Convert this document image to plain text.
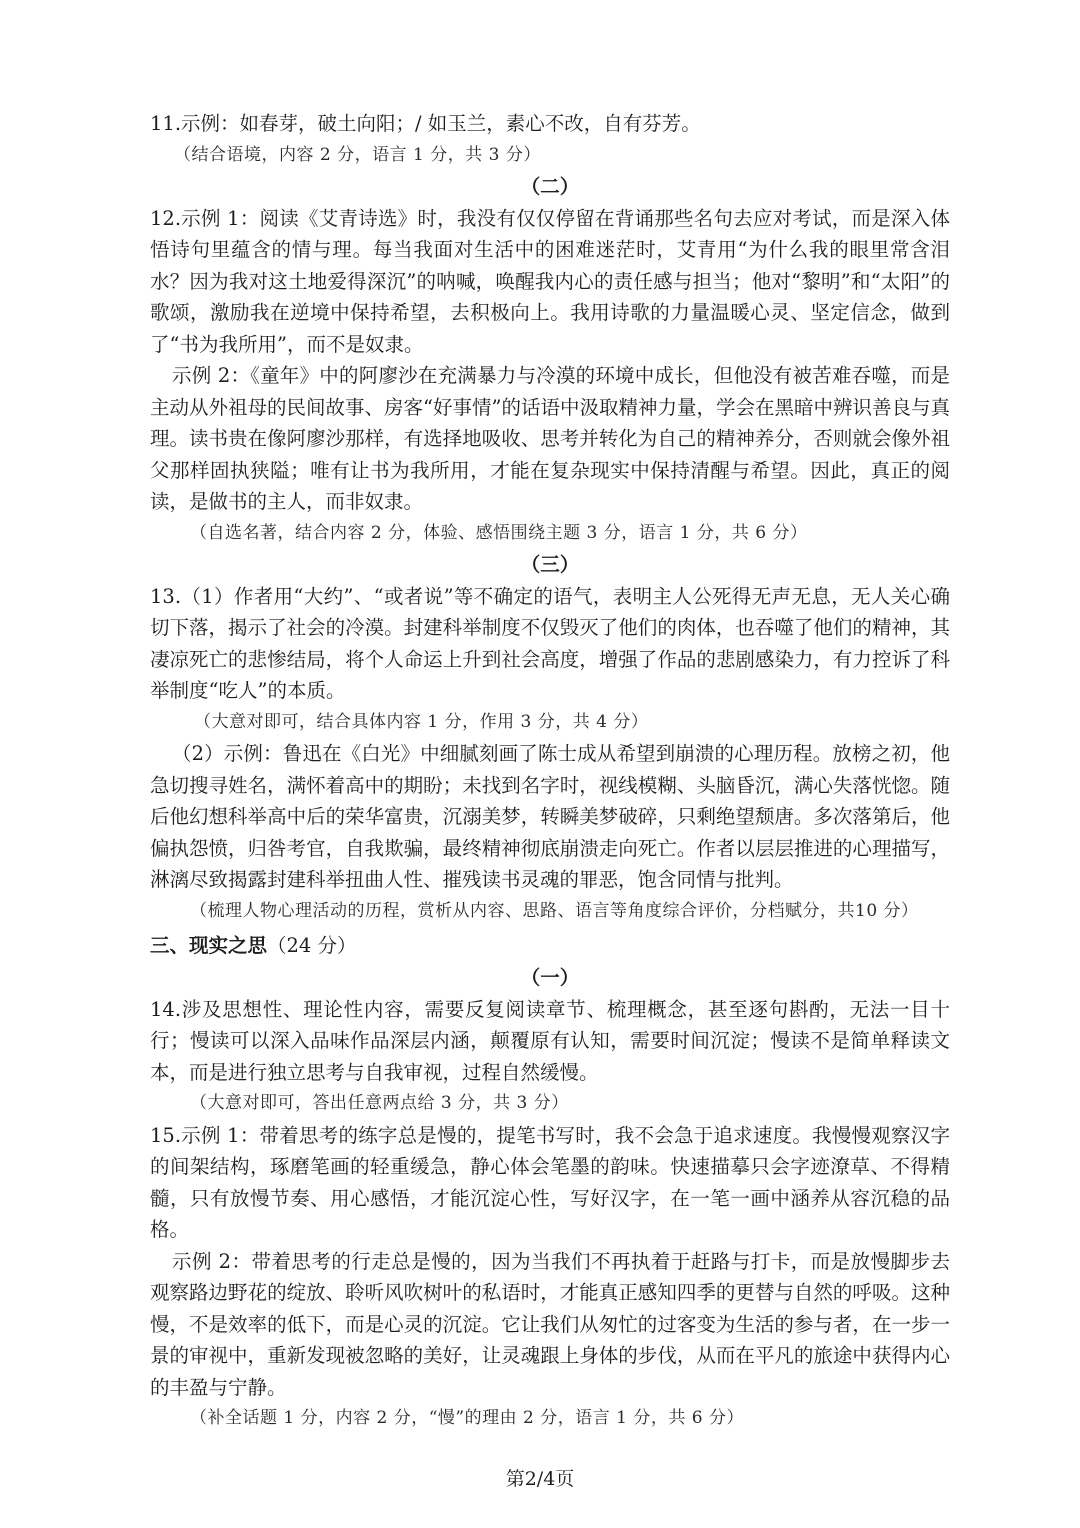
11.示例：如春芽，破土向阳；/ 如玉兰，素心不改，自有芬芳。

（结合语境，内容 2 分，语言 1 分，共 3 分）

（二）

12.示例 1：阅读《艾青诗选》时，我没有仅仅停留在背诵那些名句去应对考试，而是深入体悟诗句里蕴含的情与理。每当我面对生活中的困难迷茫时，艾青用“为什么我的眼里常含泪水？因为我对这土地爱得深沉”的呐喊，唤醒我内心的责任感与担当；他对“黎明”和“太阳”的歌颂，激励我在逆境中保持希望，去积极向上。我用诗歌的力量温暖心灵、坚定信念，做到了“书为我所用”，而不是奴隶。

示例 2：《童年》中的阿廖沙在充满暴力与冷漠的环境中成长，但他没有被苦难吞噬，而是主动从外祖母的民间故事、房客“好事情”的话语中汲取精神力量，学会在黑暗中辨识善良与真理。读书贵在像阿廖沙那样，有选择地吸收、思考并转化为自己的精神养分，否则就会像外祖父那样固执狭隘；唯有让书为我所用，才能在复杂现实中保持清醒与希望。因此，真正的阅读，是做书的主人，而非奴隶。

（自选名著，结合内容 2 分，体验、感悟围绕主题 3 分，语言 1 分，共 6 分）

（三）

13.（1）作者用“大约”、“或者说”等不确定的语气，表明主人公死得无声无息，无人关心确切下落，揭示了社会的冷漠。封建科举制度不仅毁灭了他们的肉体，也吞噬了他们的精神，其凄凉死亡的悲惨结局，将个人命运上升到社会高度，增强了作品的悲剧感染力，有力控诉了科举制度“吃人”的本质。

（大意对即可，结合具体内容 1 分，作用 3 分，共 4 分）

（2）示例：鲁迅在《白光》中细腻刻画了陈士成从希望到崩溃的心理历程。放榜之初，他急切搜寻姓名，满怀着高中的期盼；未找到名字时，视线模糊、头脑昏沉，满心失落恍惚。随后他幻想科举高中后的荣华富贵，沉溺美梦，转瞬美梦破碎，只剩绝望颓唐。多次落第后，他偏执怨愤，归咎考官，自我欺骗，最终精神彻底崩溃走向死亡。作者以层层推进的心理描写，淋漓尽致揭露封建科举扭曲人性、摧残读书灵魂的罪恶，饱含同情与批判。

（梳理人物心理活动的历程，赏析从内容、思路、语言等角度综合评价，分档赋分，共10 分）

三、现实之思（24 分）

（一）

14.涉及思想性、理论性内容，需要反复阅读章节、梳理概念，甚至逐句斟酌，无法一目十行；慢读可以深入品味作品深层内涵，颠覆原有认知，需要时间沉淀；慢读不是简单释读文本，而是进行独立思考与自我审视，过程自然缓慢。

（大意对即可，答出任意两点给 3 分，共 3 分）

15.示例 1：带着思考的练字总是慢的，提笔书写时，我不会急于追求速度。我慢慢观察汉字的间架结构，琢磨笔画的轻重缓急，静心体会笔墨的韵味。快速描摹只会字迹潦草、不得精髓，只有放慢节奏、用心感悟，才能沉淀心性，写好汉字，在一笔一画中涵养从容沉稳的品格。

示例 2：带着思考的行走总是慢的，因为当我们不再执着于赶路与打卡，而是放慢脚步去观察路边野花的绽放、聆听风吹树叶的私语时，才能真正感知四季的更替与自然的呼吸。这种慢，不是效率的低下，而是心灵的沉淀。它让我们从匆忙的过客变为生活的参与者，在一步一景的审视中，重新发现被忽略的美好，让灵魂跟上身体的步伐，从而在平凡的旅途中获得内心的丰盈与宁静。

（补全话题 1 分，内容 2 分，“慢”的理由 2 分，语言 1 分，共 6 分）

第2/4页
